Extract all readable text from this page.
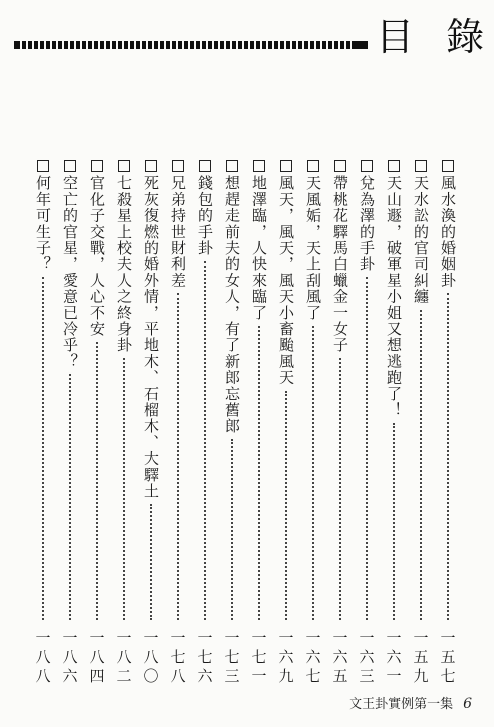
目 錄
風水渙的婚姻卦
一五七
天水訟的官司糾纏
一五九
天山遯，破軍星小姐又想逃跑了！
一六一
兌為澤的手卦
一六三
帶桃花驛馬白蠟金一女子
一六五
天風姤，天上刮風了
一六七
風天，風天，風天小畜颱風天
一六九
地澤臨，人快來臨了
一七一
想趕走前夫的女人，有了新郎忘舊郎
一七三
錢包的手卦
一七六
兄弟持世財利差
一七八
死灰復燃的婚外情，平地木、石榴木、大驛土
一八〇
七殺星上校夫人之終身卦
一八二
官化子交戰，人心不安
一八四
空亡的官星，愛意已冷乎？
一八六
何年可生子？
一八八
文王卦實例第一集 6
